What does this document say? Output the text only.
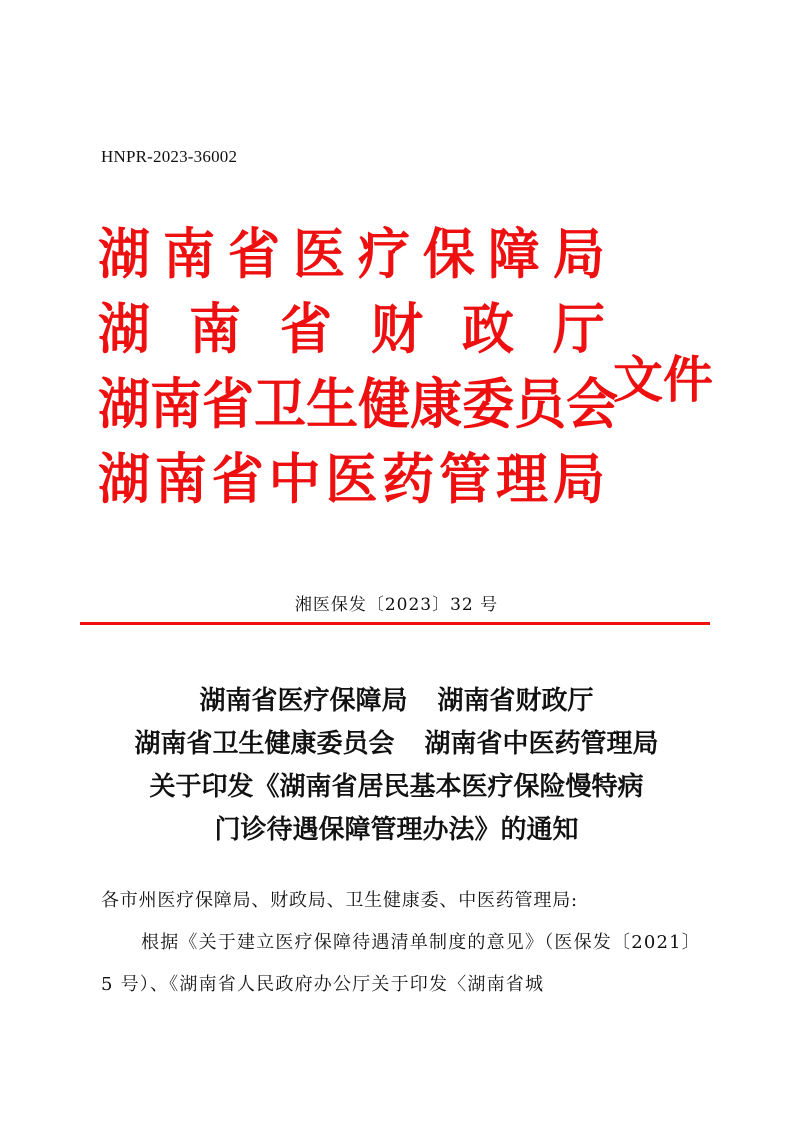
HNPR-2023-36002
湖 南 省 医 疗 保 障 局
湖 南 省 财 政 厅
湖 南 省 卫 生 健 康 委 员 会
湖 南 省 中 医 药 管 理 局
文件
湘医保发〔2023〕32 号
湖南省医疗保障局 湖南省财政厅
湖南省卫生健康委员会 湖南省中医药管理局
关于印发《湖南省居民基本医疗保险慢特病
门诊待遇保障管理办法》的通知
各市州医疗保障局、财政局、卫生健康委、中医药管理局:
根据《关于建立医疗保障待遇清单制度的意见》（医保发〔2021〕5 号）、《湖南省人民政府办公厅关于印发〈湖南省城
